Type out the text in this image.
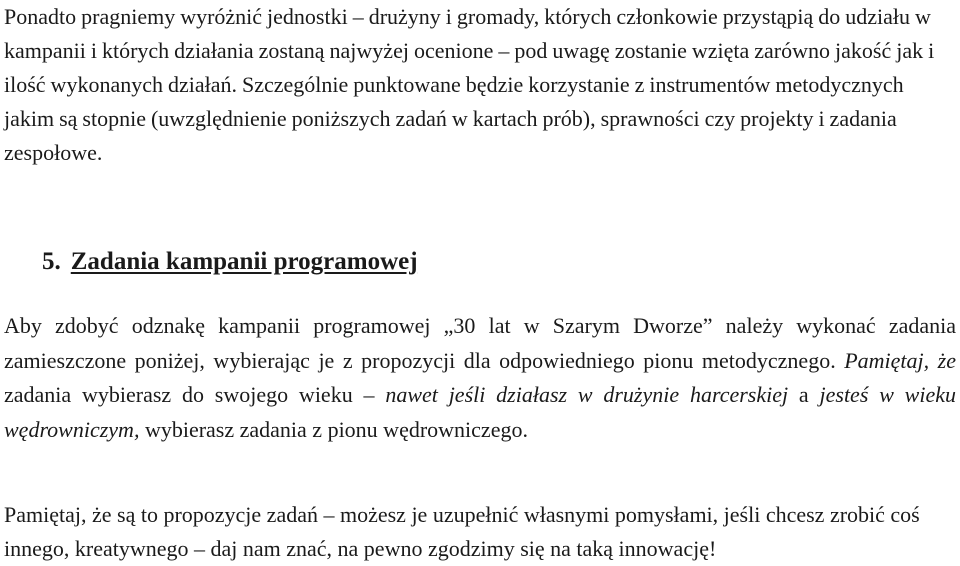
Ponadto pragniemy wyróżnić jednostki – drużyny i gromady, których członkowie przystąpią do udziału w kampanii i których działania zostaną najwyżej ocenione – pod uwagę zostanie wzięta zarówno jakość jak i ilość wykonanych działań. Szczególnie punktowane będzie korzystanie z instrumentów metodycznych jakim są stopnie (uwzględnienie poniższych zadań w kartach prób), sprawności czy projekty i zadania zespołowe.

5. Zadania kampanii programowej

Aby zdobyć odznakę kampanii programowej „30 lat w Szarym Dworze” należy wykonać zadania zamieszczone poniżej, wybierając je z propozycji dla odpowiedniego pionu metodycznego. Pamiętaj, że zadania wybierasz do swojego wieku – nawet jeśli działasz w drużynie harcerskiej a jesteś w wieku wędrowniczym, wybierasz zadania z pionu wędrowniczego.

Pamiętaj, że są to propozycje zadań – możesz je uzupełnić własnymi pomysłami, jeśli chcesz zrobić coś innego, kreatywnego – daj nam znać, na pewno zgodzimy się na taką innowację!
